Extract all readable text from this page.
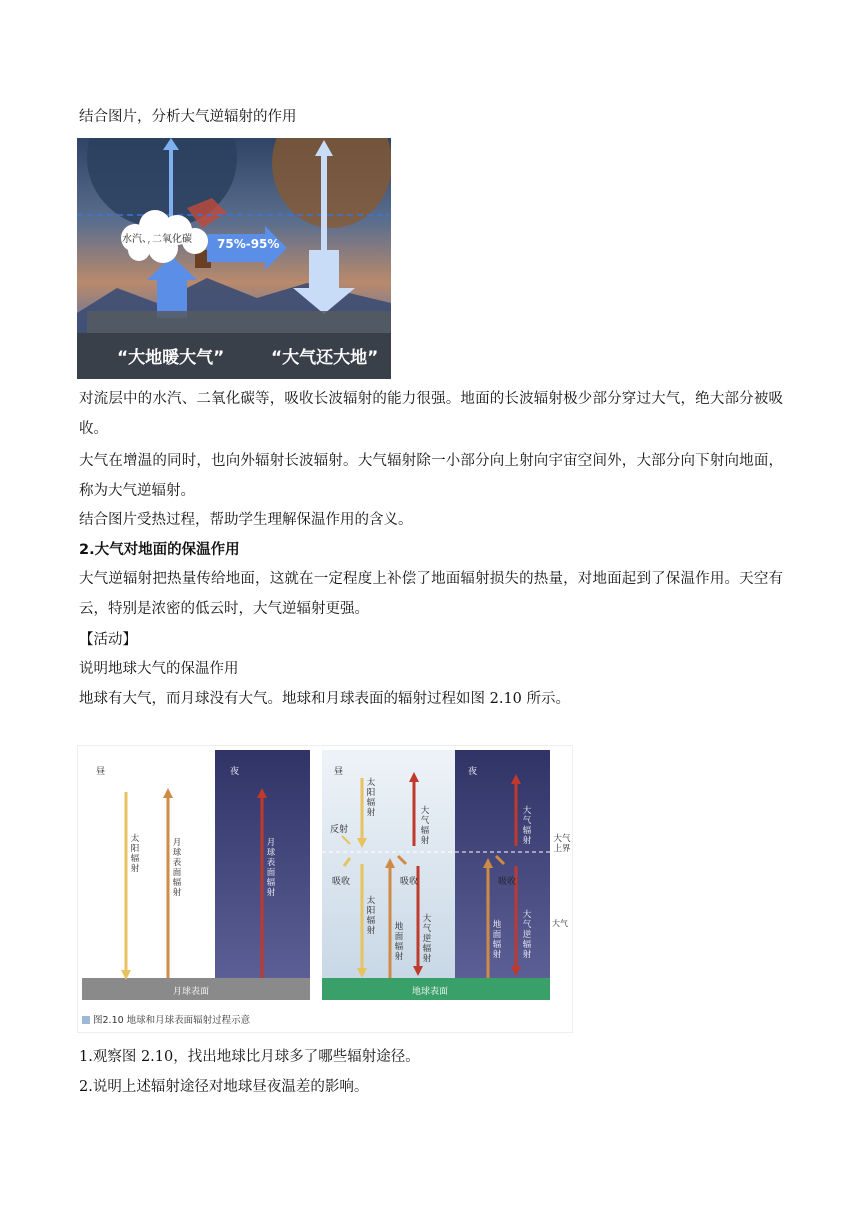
结合图片，分析大气逆辐射的作用
水汽、二氧化碳 75%-95%
“大地暖大气”	“大气还大地”
对流层中的水汽、二氧化碳等，吸收长波辐射的能力很强。地面的长波辐射极少部分穿过大气，绝大部分被吸收。
大气在增温的同时，也向外辐射长波辐射。大气辐射除一小部分向上射向宇宙空间外，大部分向下射向地面，称为大气逆辐射。
结合图片受热过程，帮助学生理解保温作用的含义。
2.大气对地面的保温作用
大气逆辐射把热量传给地面，这就在一定程度上补偿了地面辐射损失的热量，对地面起到了保温作用。天空有云，特别是浓密的低云时，大气逆辐射更强。
【活动】
说明地球大气的保温作用
地球有大气，而月球没有大气。地球和月球表面的辐射过程如图 2.10 所示。
昼	夜
太阳辐射
月球表面辐射
月球表面辐射
月球表面
昼	夜
太阳辐射
反射
大气辐射
大气辐射	大气上界
吸收	吸收	吸收
太阳辐射 地面辐射
大气逆辐射
地面辐射
大气逆辐射
大气
地球表面
图2.10 地球和月球表面辐射过程示意
1.观察图 2.10，找出地球比月球多了哪些辐射途径。
2.说明上述辐射途径对地球昼夜温差的影响。
